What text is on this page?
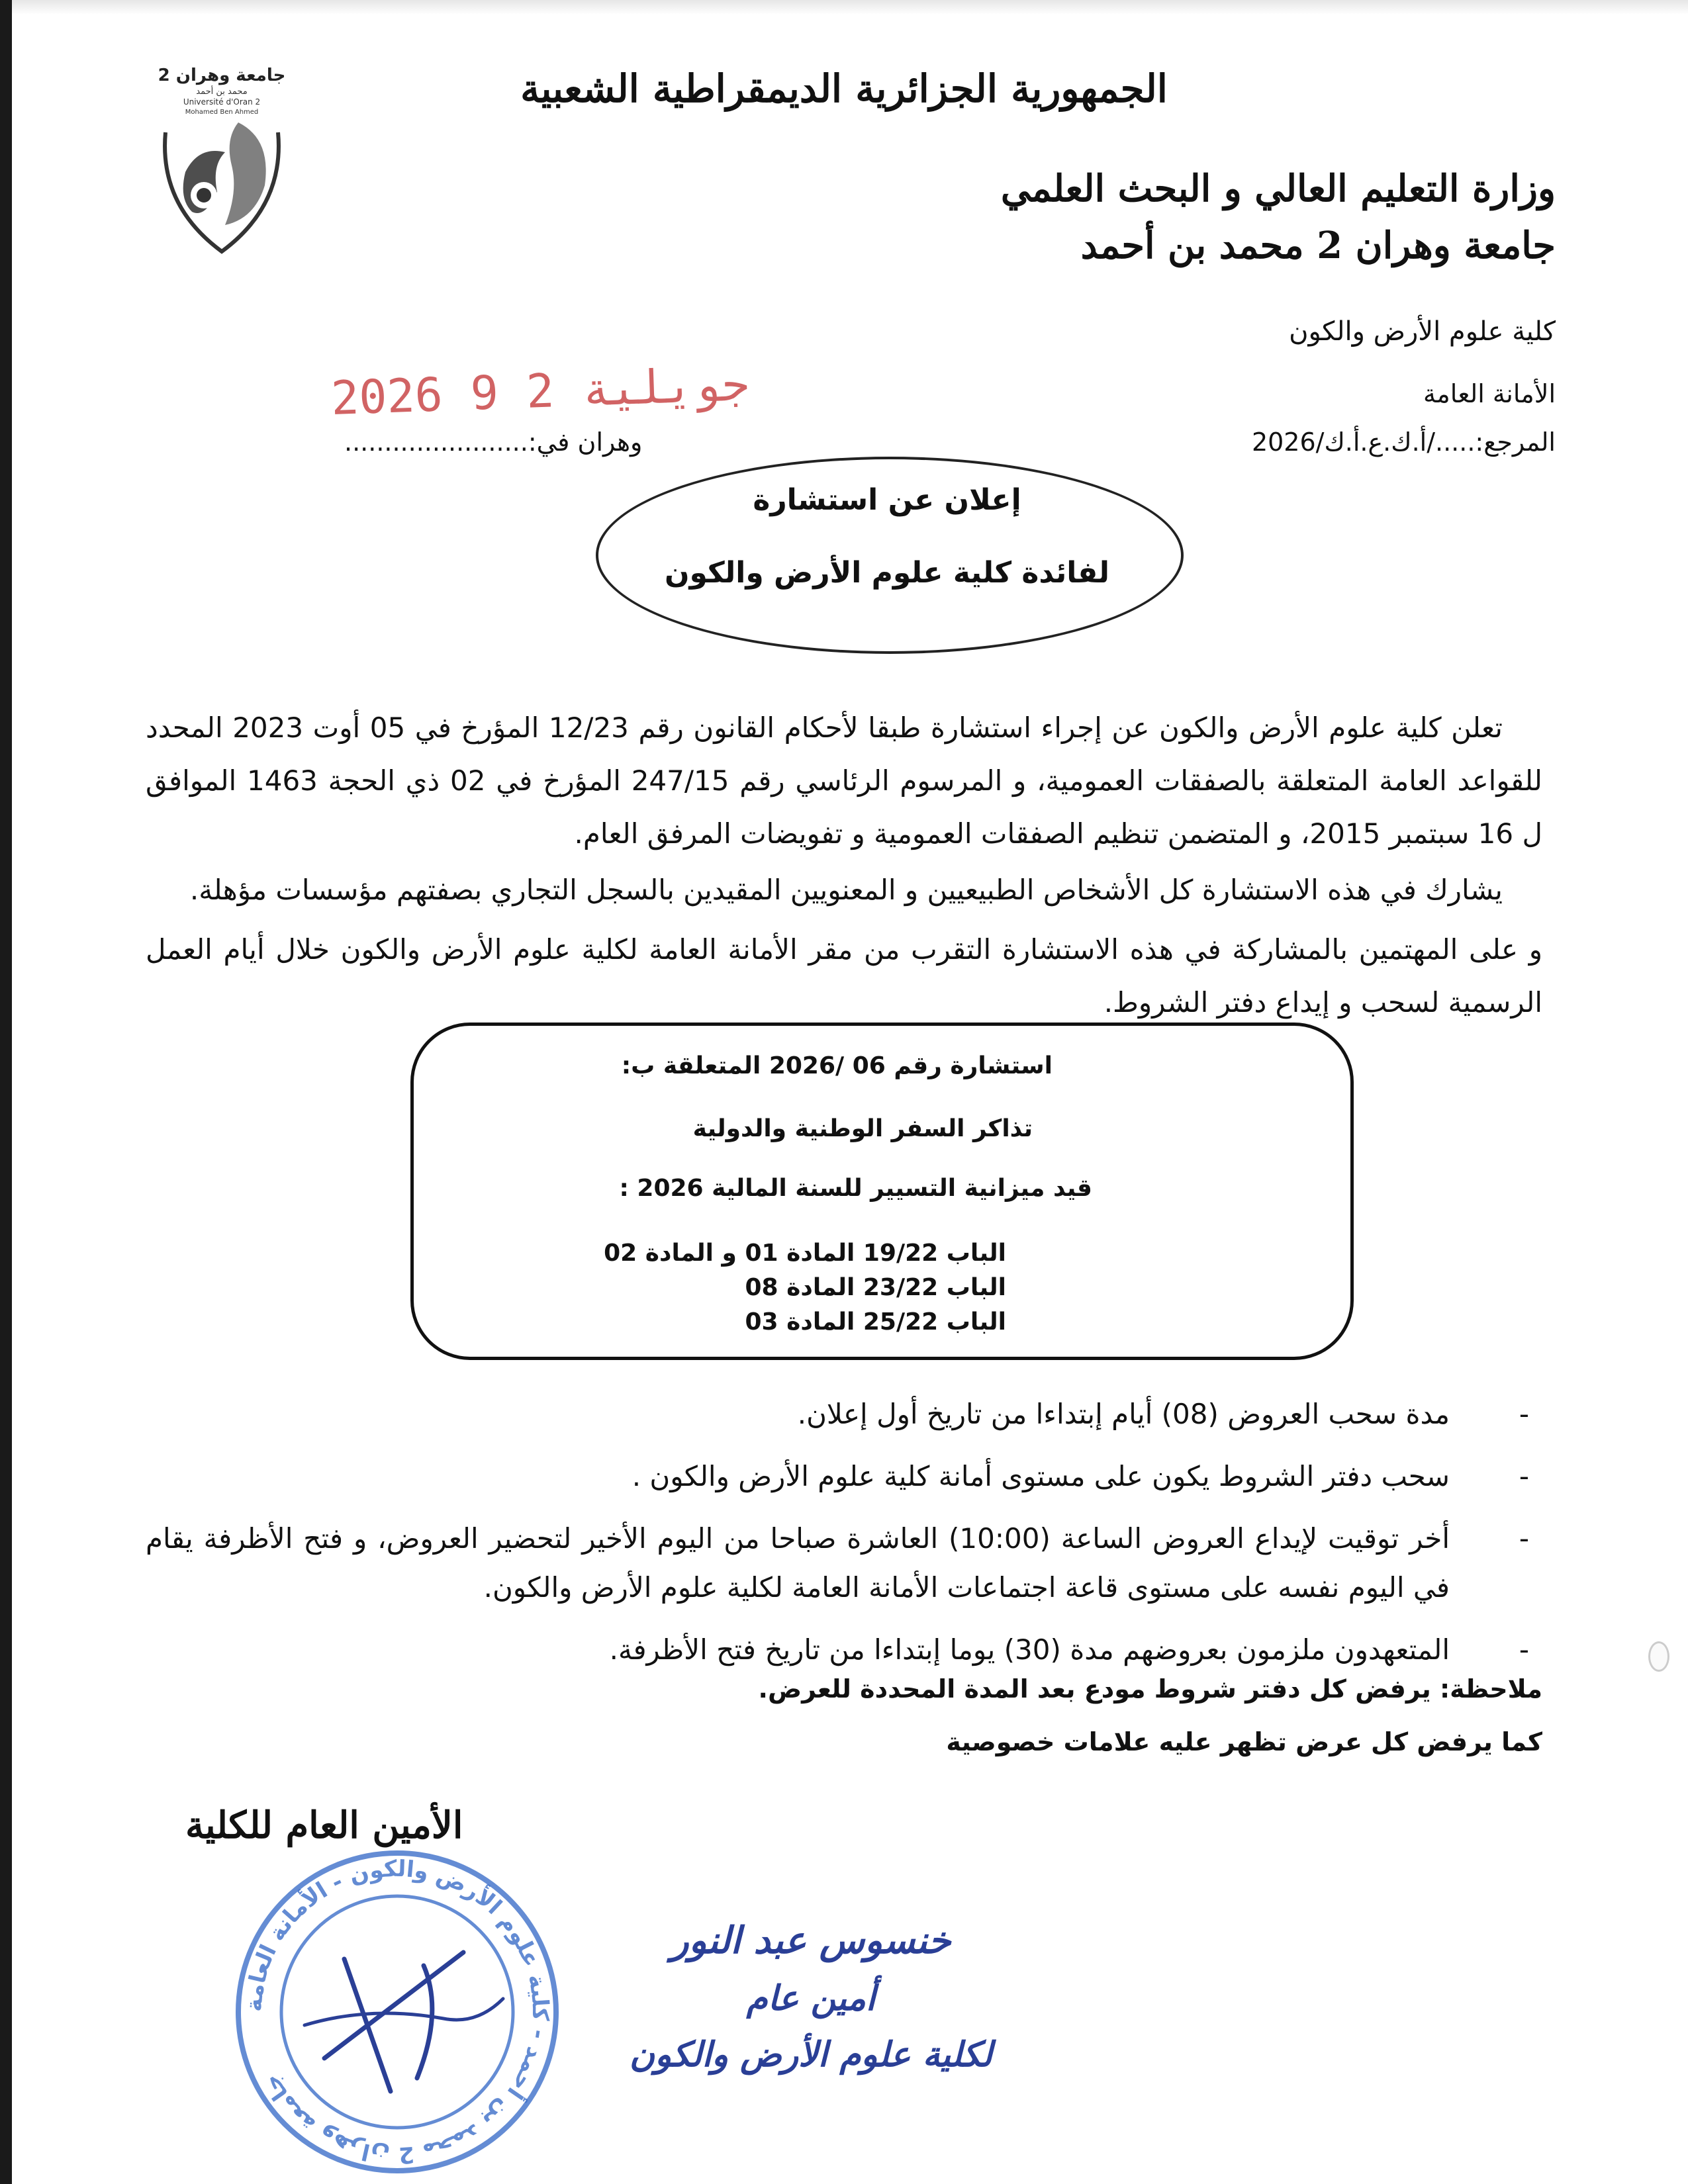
جامعة وهران 2
محمد بن أحمد
Université d'Oran 2
Mohamed Ben Ahmed
الجمهورية الجزائرية الديمقراطية الشعبية
وزارة التعليم العالي و البحث العلمي
جامعة وهران 2 محمد بن أحمد
كلية علوم الأرض والكون
2026 جويلية 2 9	الأمانة العامة
المرجع:...../أ.ك.ع.أ.ك/2026
وهران في:.......................
إعلان عن استشارة
لفائدة كلية علوم الأرض والكون
تعلن كلية علوم الأرض والكون عن إجراء استشارة طبقا لأحكام القانون رقم 12/23 المؤرخ في 05 أوت 2023 المحدد للقواعد العامة المتعلقة بالصفقات العمومية، و المرسوم الرئاسي رقم 247/15 المؤرخ في 02 ذي الحجة 1463 الموافق ل 16 سبتمبر 2015، و المتضمن تنظيم الصفقات العمومية و تفويضات المرفق العام.
يشارك في هذه الاستشارة كل الأشخاص الطبيعيين و المعنويين المقيدين بالسجل التجاري بصفتهم مؤسسات مؤهلة.
و على المهتمين بالمشاركة في هذه الاستشارة التقرب من مقر الأمانة العامة لكلية علوم الأرض والكون خلال أيام العمل الرسمية لسحب و إيداع دفتر الشروط.
استشارة رقم 06 /2026 المتعلقة ب:
تذاكر السفر الوطنية والدولية
قيد ميزانية التسيير للسنة المالية 2026 :
الباب 19/22 المادة 01 و المادة 02
الباب 23/22 المادة 08
الباب 25/22 المادة 03
-
مدة سحب العروض (08) أيام إبتداءا من تاريخ أول إعلان.
-
سحب دفتر الشروط يكون على مستوى أمانة كلية علوم الأرض والكون .
-
أخر توقيت لإيداع العروض الساعة (10:00) العاشرة صباحا من اليوم الأخير لتحضير العروض، و فتح الأظرفة يقام في اليوم نفسه على مستوى قاعة اجتماعات الأمانة العامة لكلية علوم الأرض والكون.
-
المتعهدون ملزمون بعروضهم مدة (30) يوما إبتداءا من تاريخ فتح الأظرفة.
ملاحظة: يرفض كل دفتر شروط مودع بعد المدة المحددة للعرض.
كما يرفض كل عرض تظهر عليه علامات خصوصية
الأمين العام للكلية
جامعة وهران 2 محمد بن أحمد - كلية علوم الأرض والكون - الأمانة العامة
خنسوس عبد النور
أمين عام
لكلية علوم الأرض والكون
